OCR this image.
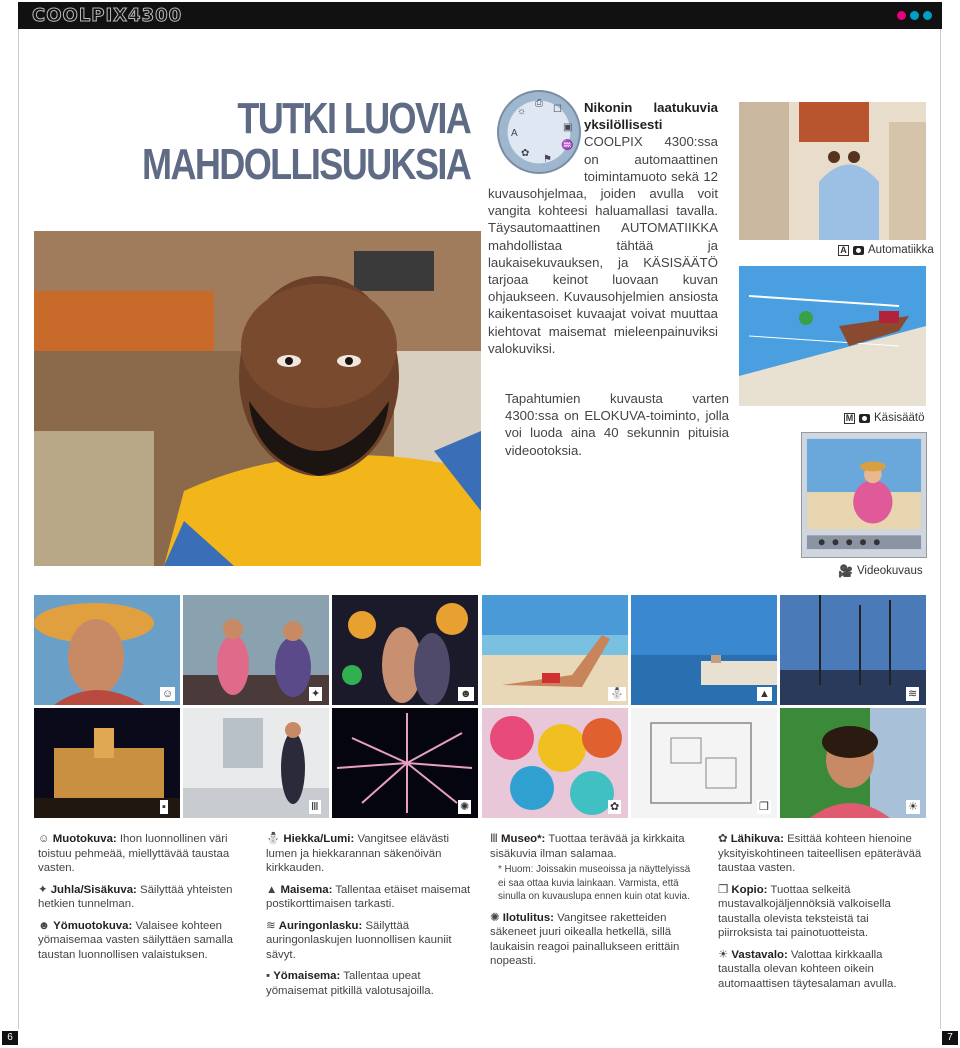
COOLPIX4300
TUTKI LUOVIA
MAHDOLLISUUKSIA
⎙
☐
▣
♒
A
☼
✿
⚑
Nikonin laatukuvia yksilöllisesti
COOLPIX 4300:ssa on automaattinen toimintamuoto sekä 12 kuvausohjelmaa, joiden avulla voit vangita kohteesi haluamallasi tavalla. Täysautomaattinen AUTOMATIIKKA mahdollistaa tähtää ja laukaisekuvauksen, ja KÄSISÄÄTÖ tarjoaa keinot luovaan kuvan ohjaukseen. Kuvausohjelmien ansiosta kaikentasoiset kuvaajat voivat muuttaa kiehtovat maisemat mieleenpainuviksi valokuviksi.
Tapahtumien kuvausta varten 4300:ssa on ELOKUVA-toiminto, jolla voi luoda aina 40 sekunnin pituisia videootoksia.
A Automatiikka
M Käsisäätö
🎥 Videokuvaus
☺	✦	☻	⛄	▲	≋
▪	Ⅲ	✺	✿	❐	☀

☺ Muotokuva: Ihon luonnollinen väri toistuu pehmeää, miellyttävää taustaa vasten.

✦ Juhla/Sisäkuva: Säilyttää yhteisten hetkien tunnelman.

☻ Yömuotokuva: Valaisee kohteen yömaisemaa vasten säilyttäen samalla taustan luonnollisen valaistuksen.

⛄ Hiekka/Lumi: Vangitsee elävästi lumen ja hiekkarannan säkenöivän kirkkauden.

▲ Maisema: Tallentaa etäiset maisemat postikorttimaisen tarkasti.

≋ Auringonlasku: Säilyttää auringonlaskujen luonnollisen kauniit sävyt.

▪ Yömaisema: Tallentaa upeat yömaisemat pitkillä valotusajoilla.

Ⅲ Museo*: Tuottaa terävää ja kirkkaita sisäkuvia ilman salamaa.

* Huom: Joissakin museoissa ja näyttelyissä ei saa ottaa kuvia lainkaan. Varmista, että sinulla on kuvauslupa ennen kuin otat kuvia.

✺ Ilotulitus: Vangitsee raketteiden säkeneet juuri oikealla hetkellä, sillä laukaisin reagoi painallukseen erittäin nopeasti.

✿ Lähikuva: Esittää kohteen hienoine yksityiskohtineen taiteellisen epäterävää taustaa vasten.

❐ Kopio: Tuottaa selkeitä mustavalkojäljennöksiä valkoisella taustalla olevista teksteistä tai piirroksista tai painotuotteista.

☀ Vastavalo: Valottaa kirkkaalla taustalla olevan kohteen oikein automaattisen täytesalaman avulla.

6	7
